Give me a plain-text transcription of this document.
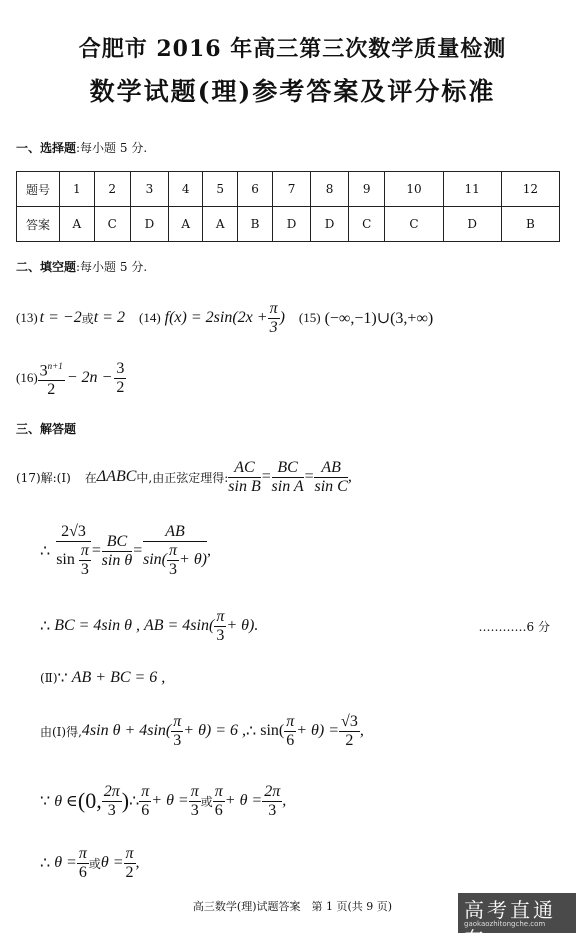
合肥市 2016 年高三第三次数学质量检测
数学试题(理)参考答案及评分标准
一、选择题:每小题 5 分.
题号	1	2	3	4	5	6	7	8	9	10	11	12
答案	A	C	D	A	A	B	D	D	C	C	D	B
二、填空题:每小题 5 分.
(13) t = −2 或 t = 2 (14) $f(x) = 2\sin(2x + \frac{\pi}{3}$ ) (15) (−∞,−1)∪(3,+∞)
$(16) \frac{3^{n+1}}{2} - 2n - \frac{3}{2}$
三、解答题
(17)解:(Ⅰ) 在 ΔABC 中,由正弦定理得: $\frac{AC}{\text{sin B}} = \frac{BC}{\text{sin A}} = \frac{AB}{\text{sin C}}$ ,
∴ $\frac{2√3}{\sin \frac{\pi}{3}} = \frac{BC}{\text{sin θ}} = \frac{AB}{\sin( \frac{\pi}{3} + \theta)}$ ,
∴ BC = 4sin θ , AB = $4\sin( \frac{\pi}{3} + \theta)$.	…………6 分
(Ⅱ) ∵ AB + BC = 6 ,
由(Ⅰ)得, 4sin $\theta + 4\sin( \frac{\pi}{3} + \theta) = 6$ , ∴ $\sin( \frac{\pi}{6} + \theta) = \frac{√3}{2}$ ,
∵ θ ∈ (0, $\frac{2\pi}{3}$ ) ∴ $\frac{\pi}{6} + \theta = \frac{\pi}{3}$ 或 $\frac{\pi}{6} + \theta = \frac{2\pi}{3}$ ,
∴ $\theta = \frac{\pi}{6}$ 或 $\theta = \frac{\pi}{2}$ ,
高三数学(理)试题答案　第 1 页(共 9 页)	高考直通车
gaokaozhitongche.com
